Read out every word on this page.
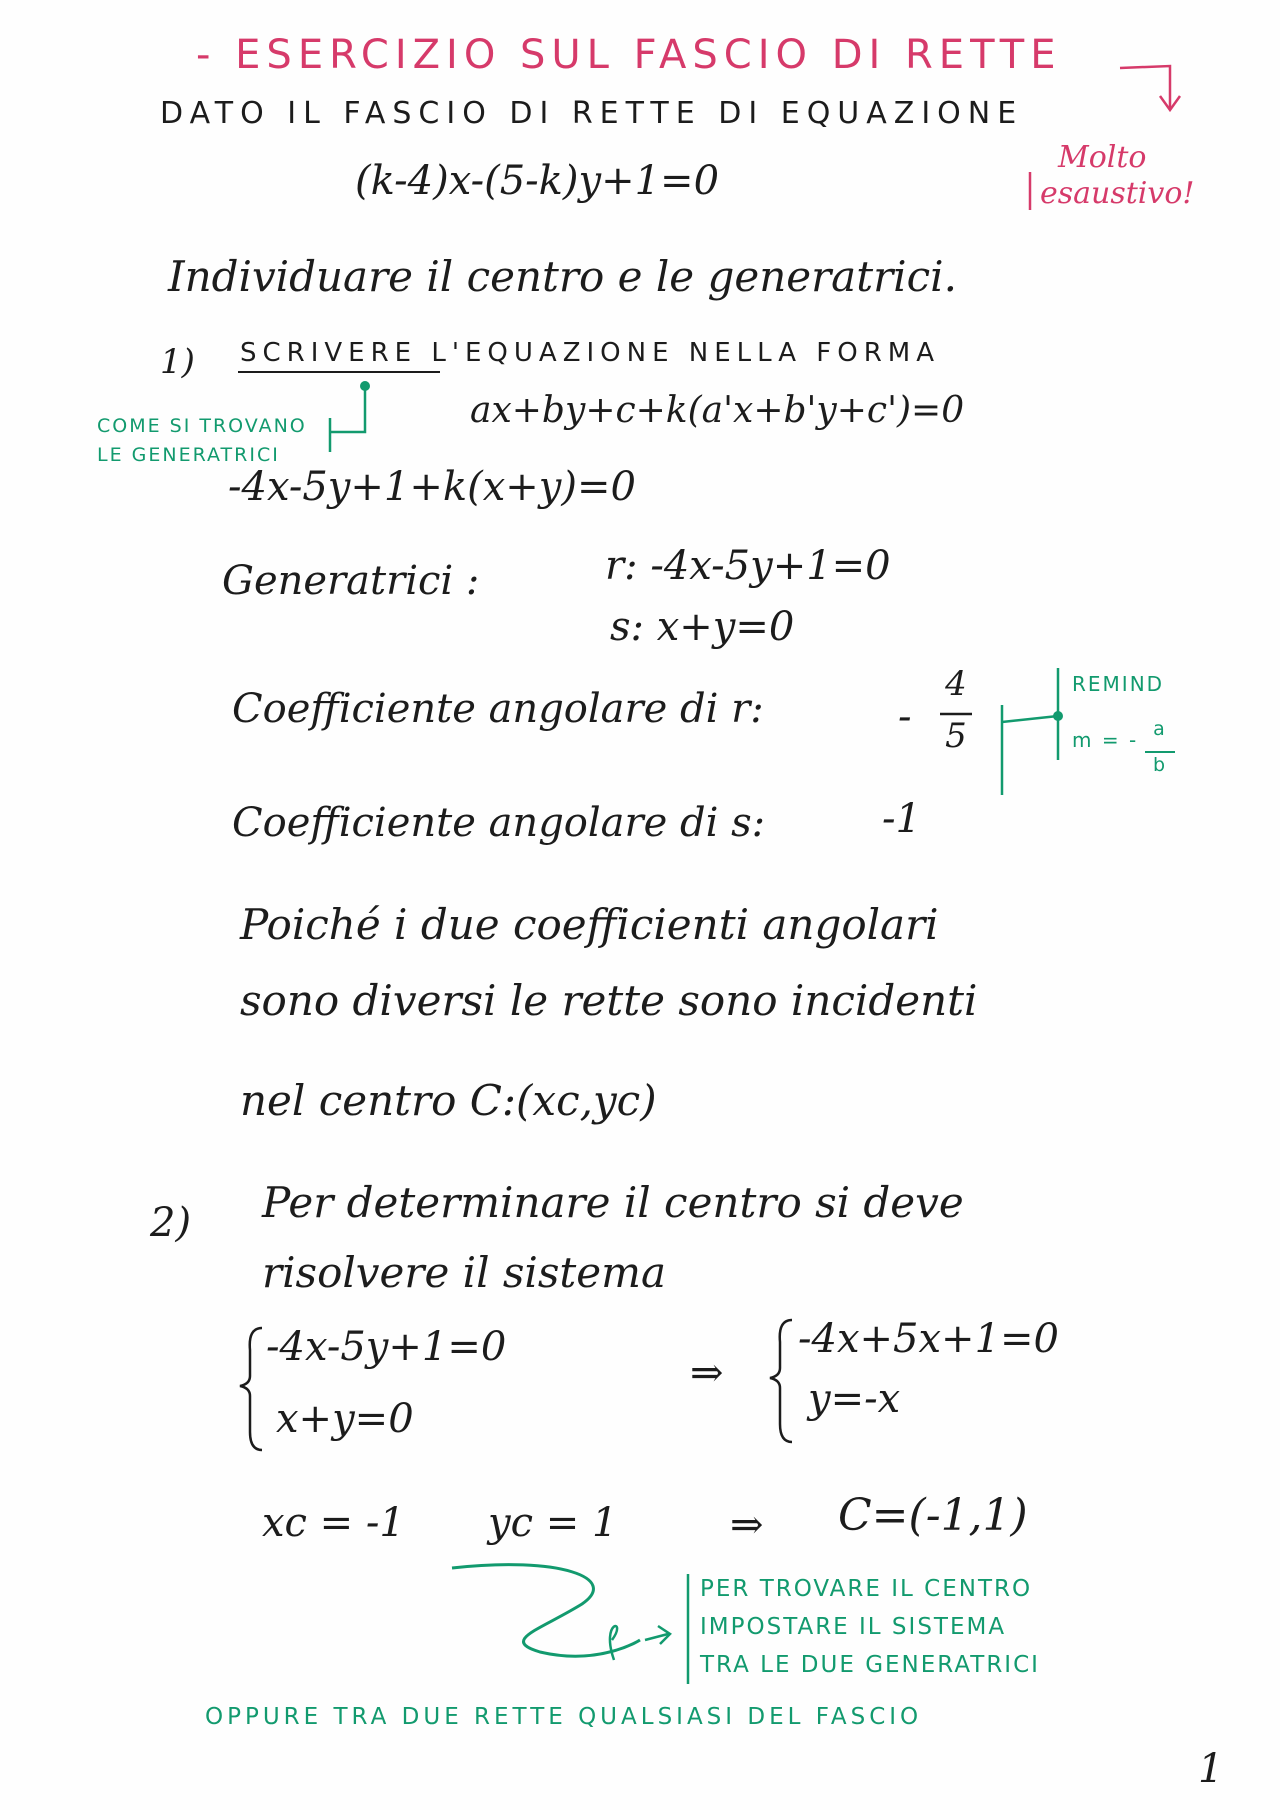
- ESERCIZIO SUL FASCIO DI RETTE
DATO IL FASCIO DI RETTE DI EQUAZIONE
(k-4)x-(5-k)y+1=0
Molto
esaustivo!
Individuare il centro e le generatrici.
1) SCRIVERE L'EQUAZIONE NELLA FORMA
COME SI TROVANO
LE GENERATRICI
ax+by+c+k(a'x+b'y+c')=0
-4x-5y+1+k(x+y)=0
Generatrici :	r: -4x-5y+1=0
s: x+y=0
Coefficiente angolare di r:	-
4
5
REMIND
m = - a
b
Coefficiente angolare di s:	-1
Poiché i due coefficienti angolari
sono diversi le rette sono incidenti
nel centro C:(xc,yc)
2) Per determinare il centro si deve
risolvere il sistema
-4x-5y+1=0
x+y=0
⇒
-4x+5x+1=0
y=-x
xc = -1 yc = 1	⇒ C=(-1,1)
PER TROVARE IL CENTRO
IMPOSTARE IL SISTEMA
TRA LE DUE GENERATRICI
OPPURE TRA DUE RETTE QUALSIASI DEL FASCIO
1
